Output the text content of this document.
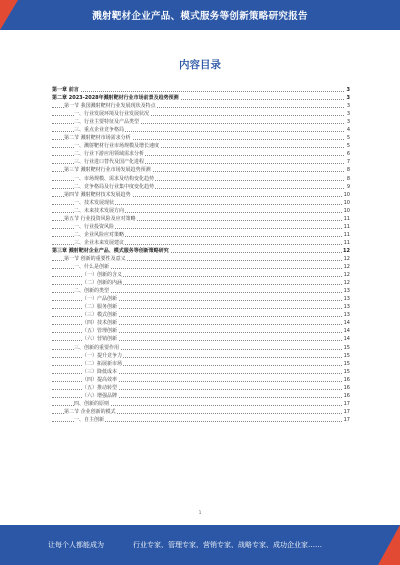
溅射靶材企业产品、模式服务等创新策略研究报告
内容目录
第一章 前言	3
第二章 2023-2028年溅射靶材行业市场前景及趋势预测	3
第一节 我国溅射靶材行业发展现状及特点	3
一、行业发展环境及行业发展状况	3
二、行业主要特征及产品类型	3
三、重点企业竞争格局	4
第二节 溅射靶材市场需求分析	5
一、溅射靶材行业市场规模及增长速度	5
二、行业下游应用领域需求分析	6
三、行业进口替代及国产化进程	7
第三节 溅射靶材行业市场发展趋势预测	8
一、市场规模、需求及结构变化趋势	8
二、竞争格局及行业集中度变化趋势	9
第四节 溅射靶材技术发展趋势	10
一、技术发展现状	10
二、未来技术发展方向	10
第五节 行业投资风险及应对策略	11
一、行业投资风险	11
二、企业风险应对策略	11
三、企业未来发展建议	11
第三章 溅射靶材企业产品、模式服务等创新策略研究	12
第一节 创新的重要性及意义	12
一、什么是创新	12
（一）创新的含义	12
（二）创新的内涵	12
二、创新的类型	13
（一）产品创新	13
（二）服务创新	13
（三）模式创新	13
（四）技术创新	14
（五）管理创新	14
（六）营销创新	14
三、创新的重要作用	15
（一）提升竞争力	15
（二）拓展新市场	15
（三）降低成本	15
（四）提高效率	16
（五）推动转型	16
（六）增强品牌	16
四、创新的原则	17
第二节 企业创新的模式	17
一、自主创新	17
1
让每个人都能成为	行业专家、管理专家、营销专家、战略专家、成功企业家……
